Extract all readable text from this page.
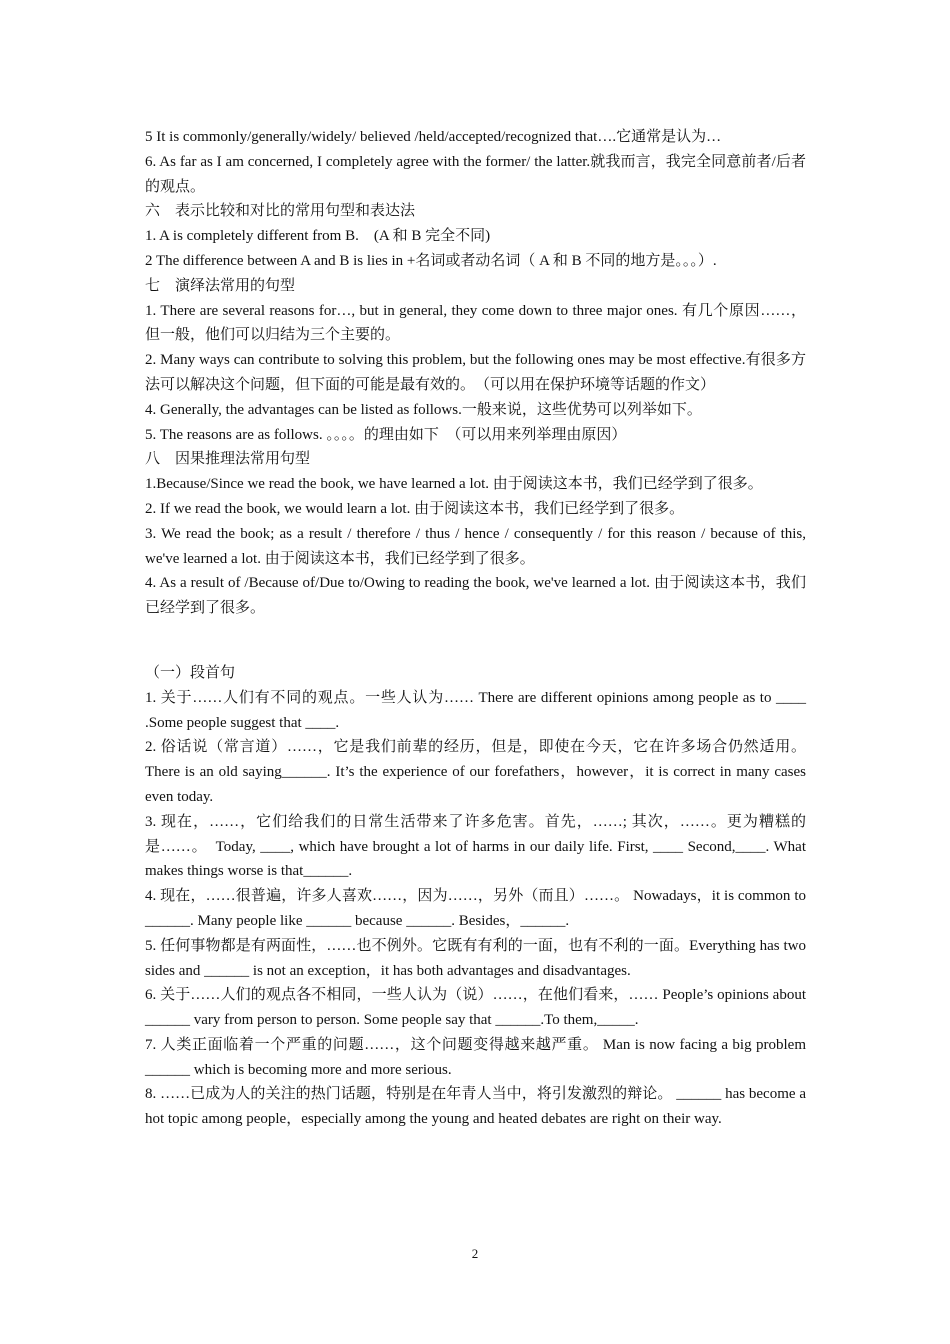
5 It is commonly/generally/widely/ believed /held/accepted/recognized that….它通常是认为…

6. As far as I am concerned, I completely agree with the former/ the latter.就我而言，我完全同意前者/后者的观点。

六　表示比较和对比的常用句型和表达法

1. A is completely different from B.　(A 和 B 完全不同)

2 The difference between A and B is lies in +名词或者动名词（ A 和 B 不同的地方是。。。）.

七　演绎法常用的句型

1. There are several reasons for…, but in general, they come down to three major ones. 有几个原因……，但一般，他们可以归结为三个主要的。

2. Many ways can contribute to solving this problem, but the following ones may be most effective.有很多方法可以解决这个问题，但下面的可能是最有效的。　（可以用在保护环境等话题的作文）

4. Generally, the advantages can be listed as follows.一般来说，这些优势可以列举如下。

5. The reasons are as follows. 。。。。的理由如下　（可以用来列举理由原因）

八　因果推理法常用句型

1.Because/Since we read the book, we have learned a lot. 由于阅读这本书，我们已经学到了很多。

2. If we read the book, we would learn a lot. 由于阅读这本书，我们已经学到了很多。

3. We read the book; as a result / therefore / thus / hence / consequently / for this reason / because of this, we've learned a lot. 由于阅读这本书，我们已经学到了很多。

4. As a result of /Because of/Due to/Owing to reading the book, we've learned a lot. 由于阅读这本书，我们已经学到了很多。

（一）段首句

1. 关于……人们有不同的观点。一些人认为…… There are different opinions among people as to ____ .Some people suggest that ____.

2. 俗话说（常言道）……，它是我们前辈的经历，但是，即使在今天，它在许多场合仍然适用。There is an old saying______. It’s the experience of our forefathers，however，it is correct in many cases even today.

3. 现在，……，它们给我们的日常生活带来了许多危害。首先，……; 其次，……。更为糟糕的是……。　Today, ____, which have brought a lot of harms in our daily life. First, ____ Second,____. What makes things worse is that______.

4. 现在，……很普遍，许多人喜欢……，因为……，另外（而且）……。 Nowadays，it is common to ______. Many people like ______ because ______. Besides，______.

5. 任何事物都是有两面性，……也不例外。它既有有利的一面，也有不利的一面。Everything has two sides and ______ is not an exception，it has both advantages and disadvantages.

6. 关于……人们的观点各不相同，一些人认为（说）……，在他们看来，…… People’s opinions about ______ vary from person to person. Some people say that ______.To them,_____.

7. 人类正面临着一个严重的问题……，这个问题变得越来越严重。 Man is now facing a big problem ______ which is becoming more and more serious.

8. ……已成为人的关注的热门话题，特别是在年青人当中，将引发激烈的辩论。 ______ has become a hot topic among people，especially among the young and heated debates are right on their way.

2
